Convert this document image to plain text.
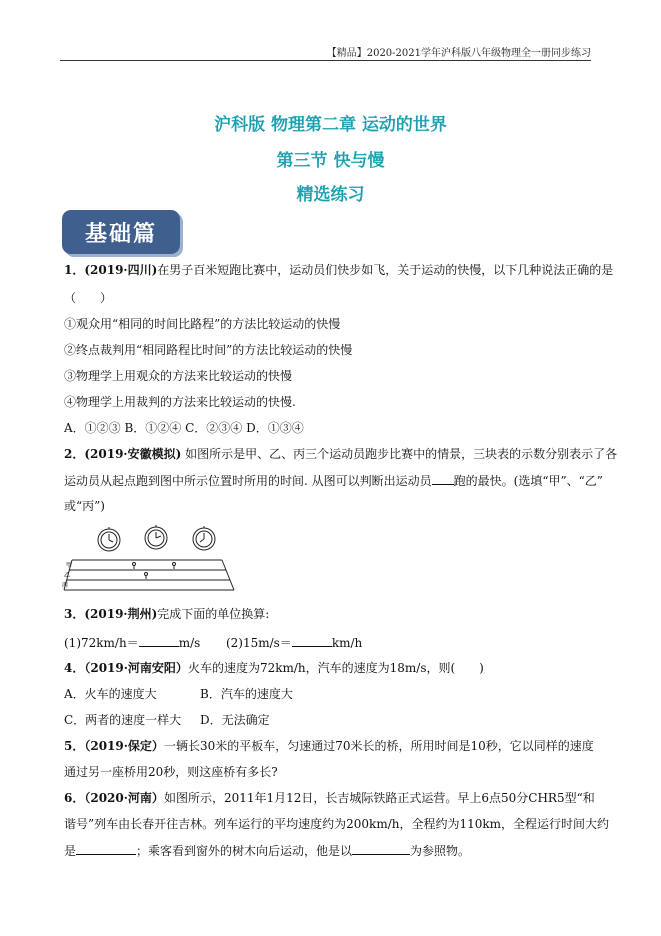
【精品】2020-2021学年沪科版八年级物理全一册同步练习
沪科版 物理第二章 运动的世界
第三节 快与慢
精选练习
基础篇
1．(2019·四川)在男子百米短跑比赛中，运动员们快步如飞，关于运动的快慢，以下几种说法正确的是
（　　）
①观众用“相同的时间比路程”的方法比较运动的快慢
②终点裁判用“相同路程比时间”的方法比较运动的快慢
③物理学上用观众的方法来比较运动的快慢
④物理学上用裁判的方法来比较运动的快慢.
A．①②③ B．①②④ C．②③④ D．①③④
2．(2019·安徽模拟) 如图所示是甲、乙、丙三个运动员跑步比赛中的情景，三块表的示数分别表示了各
运动员从起点跑到图中所示位置时所用的时间. 从图可以判断出运动员 跑的最快。(选填“甲”、“乙”
或“丙”)
甲
乙
丙
3．(2019·荆州)完成下面的单位换算:
(1)72km/h＝	m/s (2)15m/s＝	km/h
4．（2019·河南安阳）火车的速度为72km/h，汽车的速度为18m/s，则(　　)
A．火车的速度大	B．汽车的速度大
C．两者的速度一样大 D．无法确定
5．（2019·保定）一辆长30米的平板车，匀速通过70米长的桥，所用时间是10秒，它以同样的速度
通过另一座桥用20秒，则这座桥有多长?
6．（2020·河南）如图所示，2011年1月12日，长吉城际铁路正式运营。早上6点50分CHR5型“和
谐号”列车由长春开往吉林。列车运行的平均速度约为200km/h，全程约为110km，全程运行时间大约
是	；乘客看到窗外的树木向后运动，他是以	为参照物。
